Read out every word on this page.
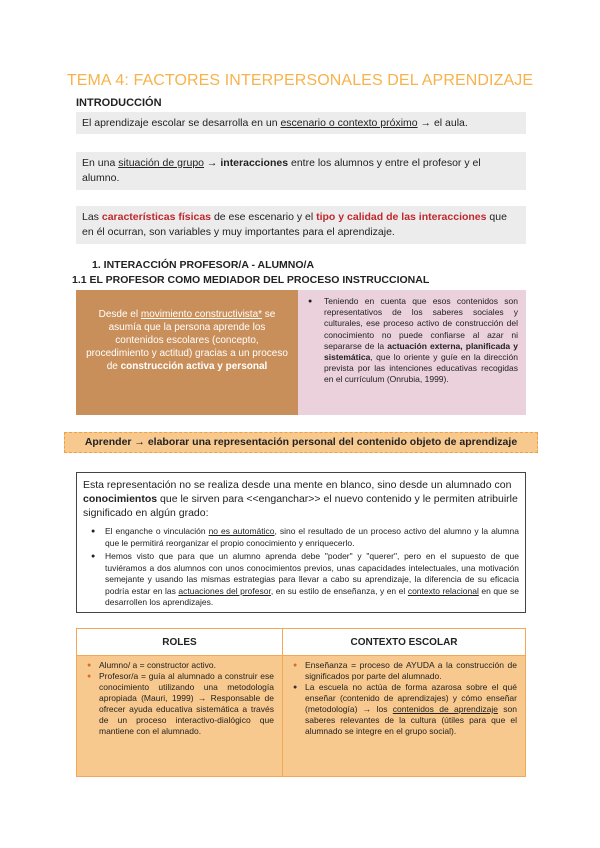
TEMA 4: FACTORES INTERPERSONALES DEL APRENDIZAJE
INTRODUCCIÓN
El aprendizaje escolar se desarrolla en un escenario o contexto próximo → el aula.
En una situación de grupo → interacciones entre los alumnos y entre el profesor y el alumno.
Las características físicas de ese escenario y el tipo y calidad de las interacciones que en él ocurran, son variables y muy importantes para el aprendizaje.
1. INTERACCIÓN PROFESOR/A - ALUMNO/A
1.1 EL PROFESOR COMO MEDIADOR DEL PROCESO INSTRUCCIONAL
Desde el movimiento constructivista* se asumía que la persona aprende los contenidos escolares (concepto, procedimiento y actitud) gracias a un proceso de construcción activa y personal
● Teniendo en cuenta que esos contenidos son representativos de los saberes sociales y culturales, ese proceso activo de construcción del conocimiento no puede confiarse al azar ni separarse de la actuación externa, planificada y sistemática, que lo oriente y guíe en la dirección prevista por las intenciones educativas recogidas en el currículum (Onrubia, 1999).
Aprender → elaborar una representación personal del contenido objeto de aprendizaje
Esta representación no se realiza desde una mente en blanco, sino desde un alumnado con conocimientos que le sirven para <<enganchar>> el nuevo contenido y le permiten atribuirle significado en algún grado:
● El enganche o vinculación no es automático, sino el resultado de un proceso activo del alumno y la alumna que le permitirá reorganizar el propio conocimiento y enriquecerlo.
● Hemos visto que para que un alumno aprenda debe "poder" y "querer", pero en el supuesto de que tuviéramos a dos alumnos con unos conocimientos previos, unas capacidades intelectuales, una motivación semejante y usando las mismas estrategias para llevar a cabo su aprendizaje, la diferencia de su eficacia podría estar en las actuaciones del profesor, en su estilo de enseñanza, y en el contexto relacional en que se desarrollen los aprendizajes.
ROLES	CONTEXTO ESCOLAR
● Alumno/ a = constructor activo.
● Profesor/a = guía al alumnado a construir ese conocimiento utilizando una metodología apropiada (Mauri, 1999) → Responsable de ofrecer ayuda educativa sistemática a través de un proceso interactivo-dialógico que mantiene con el alumnado.
● Enseñanza = proceso de AYUDA a la construcción de significados por parte del alumnado.
● La escuela no actúa de forma azarosa sobre el qué enseñar (contenido de aprendizajes) y cómo enseñar (metodología) → los contenidos de aprendizaje son saberes relevantes de la cultura (útiles para que el alumnado se integre en el grupo social).
